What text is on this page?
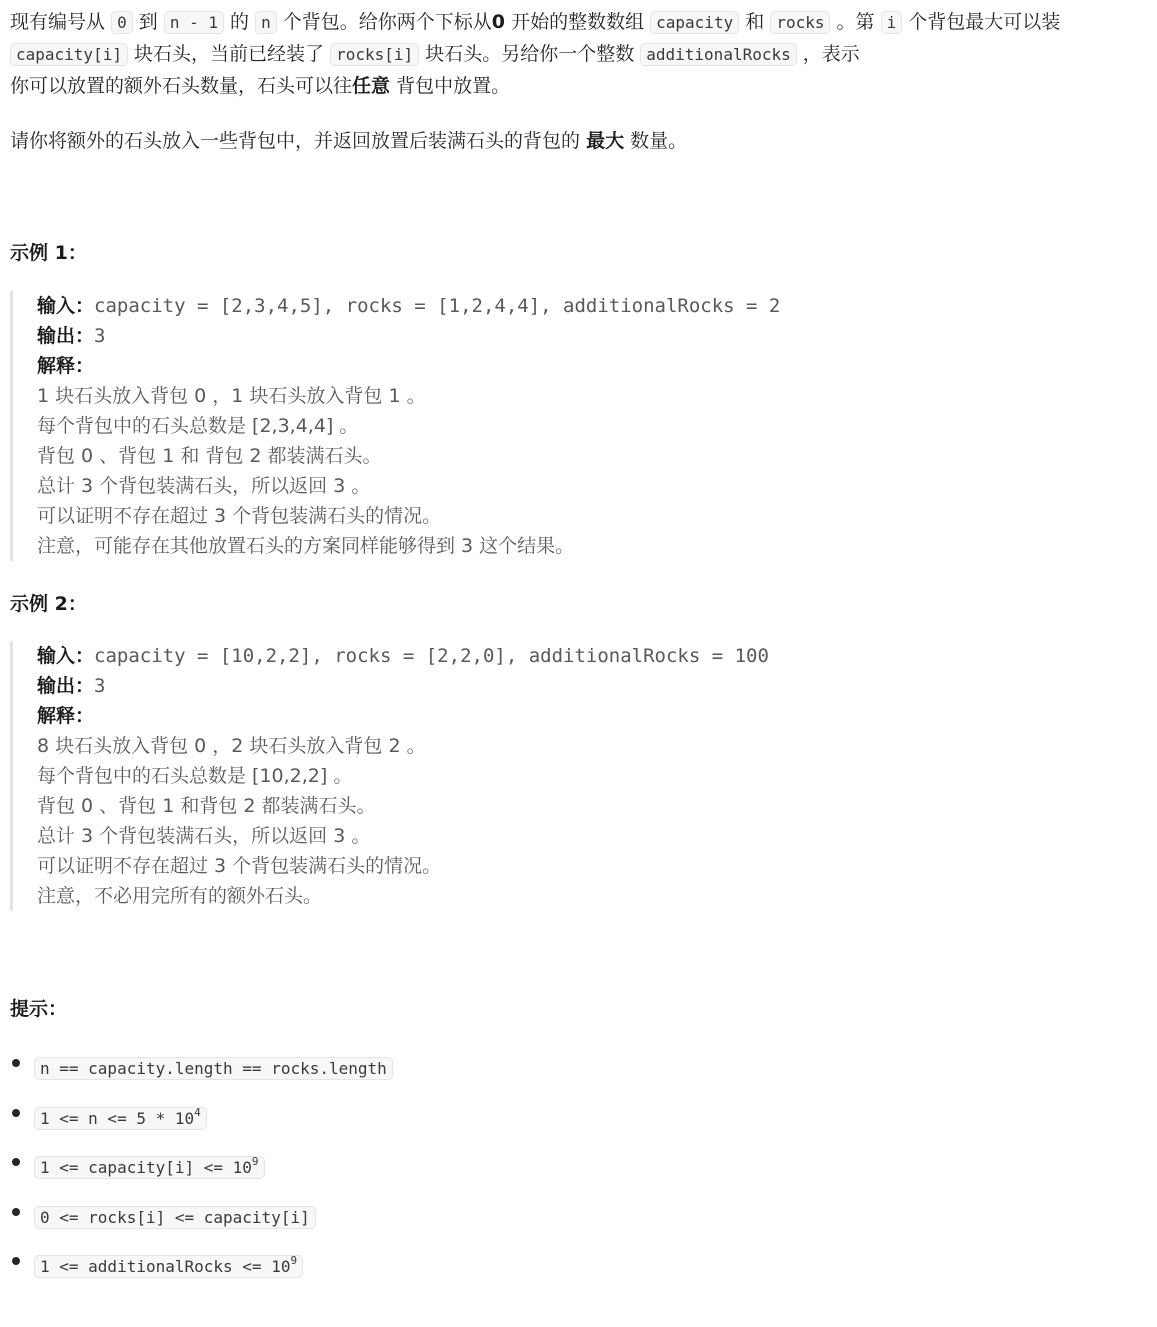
现有编号从 0 到 n - 1 的 n 个背包。给你两个下标从0 开始的整数数组 capacity 和 rocks 。第 i 个背包最大可以装
capacity[i] 块石头，当前已经装了 rocks[i] 块石头。另给你一个整数 additionalRocks ，表示
你可以放置的额外石头数量，石头可以往任意 背包中放置。
请你将额外的石头放入一些背包中，并返回放置后装满石头的背包的 最大 数量。
示例 1：
输入：capacity = [2,3,4,5], rocks = [1,2,4,4], additionalRocks = 2
输出：3
解释：
1 块石头放入背包 0 ，1 块石头放入背包 1 。
每个背包中的石头总数是 [2,3,4,4] 。
背包 0 、背包 1 和 背包 2 都装满石头。
总计 3 个背包装满石头，所以返回 3 。
可以证明不存在超过 3 个背包装满石头的情况。
注意，可能存在其他放置石头的方案同样能够得到 3 这个结果。
示例 2：
输入：capacity = [10,2,2], rocks = [2,2,0], additionalRocks = 100
输出：3
解释：
8 块石头放入背包 0 ，2 块石头放入背包 2 。
每个背包中的石头总数是 [10,2,2] 。
背包 0 、背包 1 和背包 2 都装满石头。
总计 3 个背包装满石头，所以返回 3 。
可以证明不存在超过 3 个背包装满石头的情况。
注意，不必用完所有的额外石头。
提示：
n == capacity.length == rocks.length
$1 <= n <= 5 * 10^4$
1 <= capacity[i] <= $10^9$
0 <= rocks[i] <= capacity[i]
1 <= additionalRocks <= $10^9$
